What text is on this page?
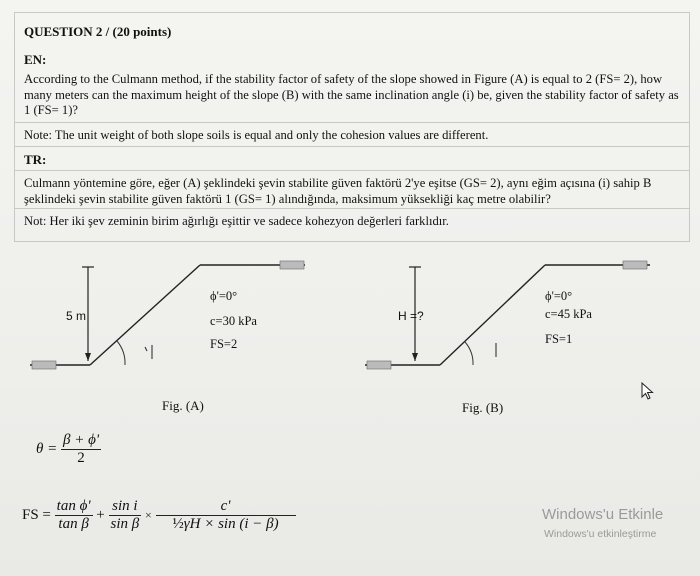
QUESTION 2 / (20 points)
EN:
According to the Culmann method, if the stability factor of safety of the slope showed in Figure (A) is equal to 2 (FS= 2), how many meters can the maximum height of the slope (B) with the same inclination angle (i) be, given the stability factor of safety as 1 (FS= 1)?
Note: The unit weight of both slope soils is equal and only the cohesion values are different.
TR:
Culmann yöntemine göre, eğer (A) şeklindeki şevin stabilite güven faktörü 2'ye eşitse (GS= 2), aynı eğim açısına (i) sahip B şeklindeki şevin stabilite güven faktörü 1 (GS= 1) alındığında, maksimum yüksekliği kaç metre olabilir?
Not: Her iki şev zeminin birim ağırlığı eşittir ve sadece kohezyon değerleri farklıdır.
5 m
ϕ'=0°
c=30 kPa
FS=2
Fig. (A)
H =?
ϕ'=0°
c=45 kPa
FS=1
Fig. (B)
$\theta = \frac{\beta + \phi'}{2}$
FS = $\frac{\text{tan ϕ'}}{\text{tan β}} + \frac{\text{sin i}}{\text{sin β}} \times \frac{c'}{\text{½γH × sin (i − β)}}$	Windows'u Etkinle
Windows'u etkinleştirme
